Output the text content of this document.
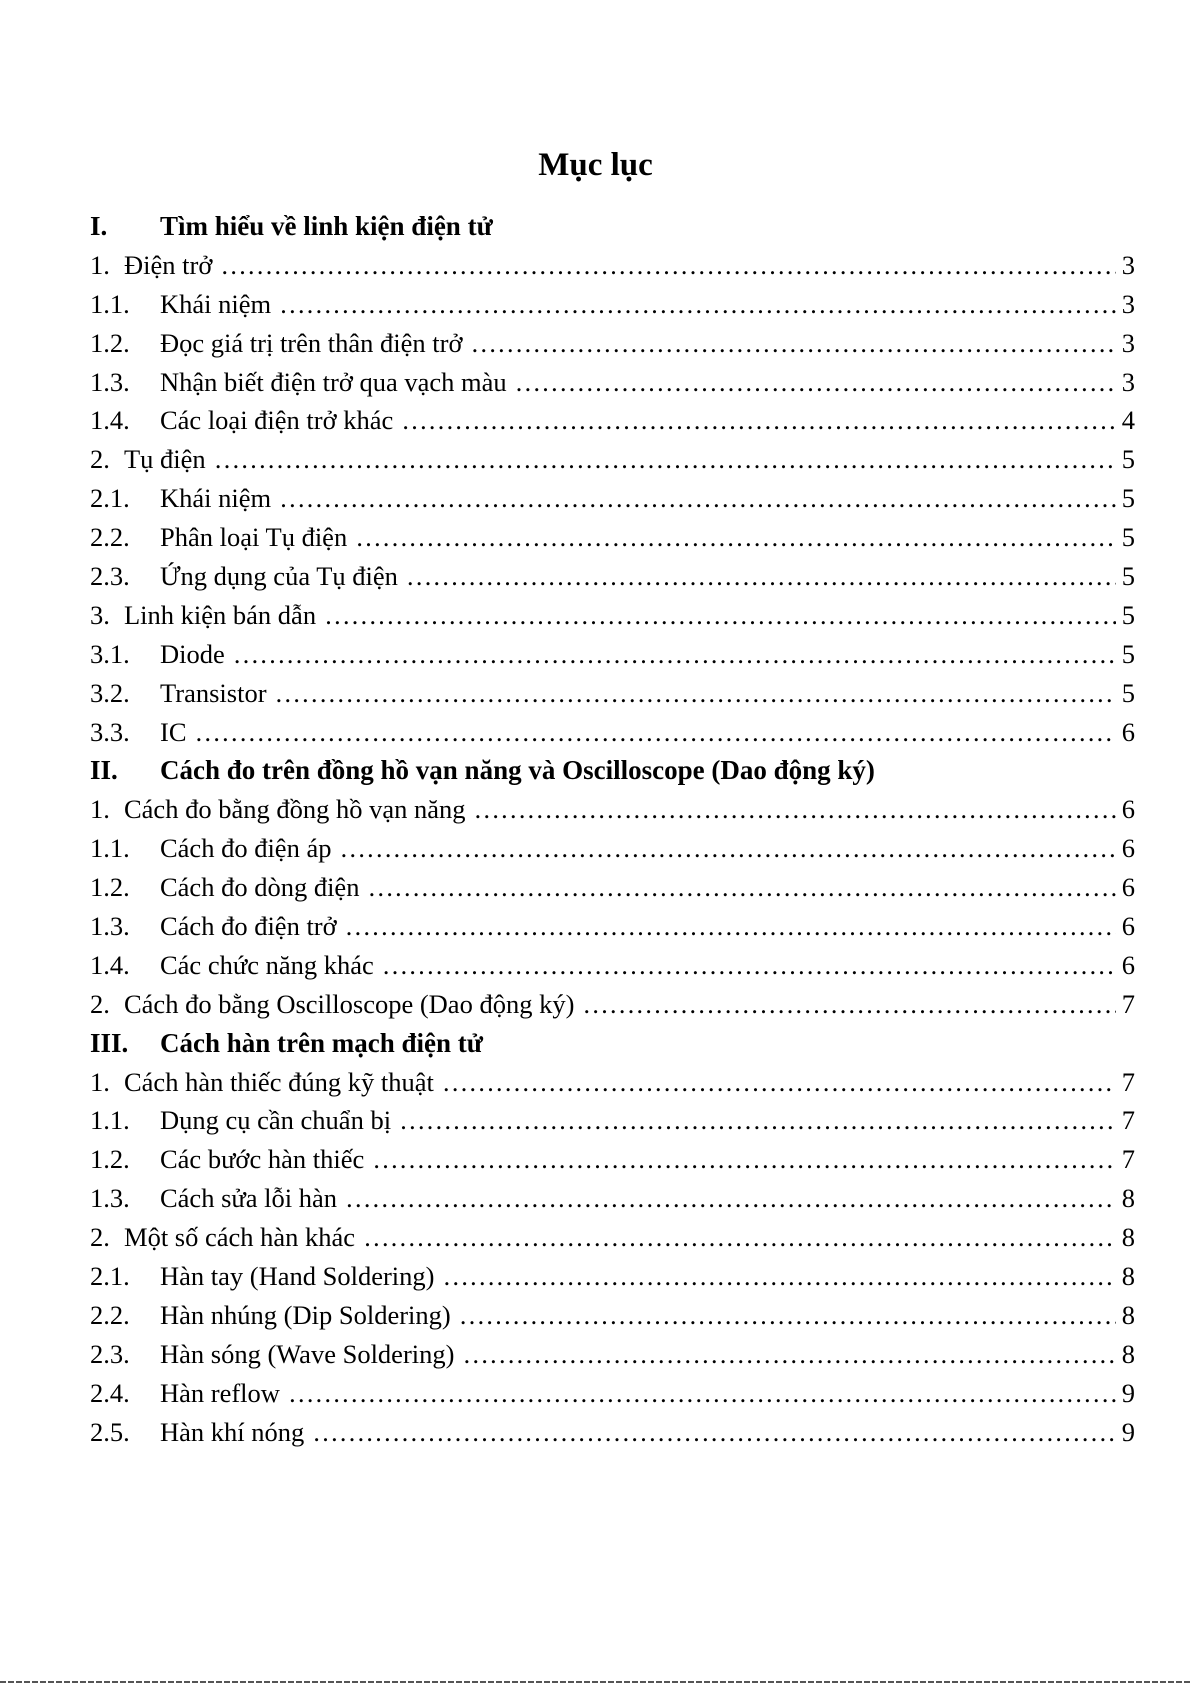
Mục lục
I. Tìm hiểu về linh kiện điện tử
1. Điện trở …………………………………………………………………………………………………………………………………………………………………………………………………	3
1.1.	Khái niệm …………………………………………………………………………………………………………………………………………………………………………………………………	3
1.2.	Đọc giá trị trên thân điện trở …………………………………………………………………………………………………………………………………………………………………………………………………	3
1.3.	Nhận biết điện trở qua vạch màu …………………………………………………………………………………………………………………………………………………………………………………………………	3
1.4.	Các loại điện trở khác …………………………………………………………………………………………………………………………………………………………………………………………………	4
2. Tụ điện …………………………………………………………………………………………………………………………………………………………………………………………………	5
2.1.	Khái niệm …………………………………………………………………………………………………………………………………………………………………………………………………	5
2.2.	Phân loại Tụ điện …………………………………………………………………………………………………………………………………………………………………………………………………	5
2.3.	Ứng dụng của Tụ điện …………………………………………………………………………………………………………………………………………………………………………………………………	5
3. Linh kiện bán dẫn …………………………………………………………………………………………………………………………………………………………………………………………………	5
3.1.	Diode …………………………………………………………………………………………………………………………………………………………………………………………………	5
3.2.	Transistor …………………………………………………………………………………………………………………………………………………………………………………………………	5
3.3.	IC …………………………………………………………………………………………………………………………………………………………………………………………………	6
II. Cách đo trên đồng hồ vạn năng và Oscilloscope (Dao động ký)
1. Cách đo bằng đồng hồ vạn năng …………………………………………………………………………………………………………………………………………………………………………………………………	6
1.1.	Cách đo điện áp …………………………………………………………………………………………………………………………………………………………………………………………………	6
1.2.	Cách đo dòng điện …………………………………………………………………………………………………………………………………………………………………………………………………	6
1.3.	Cách đo điện trở …………………………………………………………………………………………………………………………………………………………………………………………………	6
1.4.	Các chức năng khác …………………………………………………………………………………………………………………………………………………………………………………………………	6
2. Cách đo bằng Oscilloscope (Dao động ký) …………………………………………………………………………………………………………………………………………………………………………………………………	7
III. Cách hàn trên mạch điện tử
1. Cách hàn thiếc đúng kỹ thuật …………………………………………………………………………………………………………………………………………………………………………………………………	7
1.1.	Dụng cụ cần chuẩn bị …………………………………………………………………………………………………………………………………………………………………………………………………	7
1.2.	Các bước hàn thiếc …………………………………………………………………………………………………………………………………………………………………………………………………	7
1.3.	Cách sửa lỗi hàn …………………………………………………………………………………………………………………………………………………………………………………………………	8
2. Một số cách hàn khác …………………………………………………………………………………………………………………………………………………………………………………………………	8
2.1.	Hàn tay (Hand Soldering) …………………………………………………………………………………………………………………………………………………………………………………………………	8
2.2.	Hàn nhúng (Dip Soldering) …………………………………………………………………………………………………………………………………………………………………………………………………	8
2.3.	Hàn sóng (Wave Soldering) …………………………………………………………………………………………………………………………………………………………………………………………………	8
2.4.	Hàn reflow …………………………………………………………………………………………………………………………………………………………………………………………………	9
2.5.	Hàn khí nóng …………………………………………………………………………………………………………………………………………………………………………………………………	9
